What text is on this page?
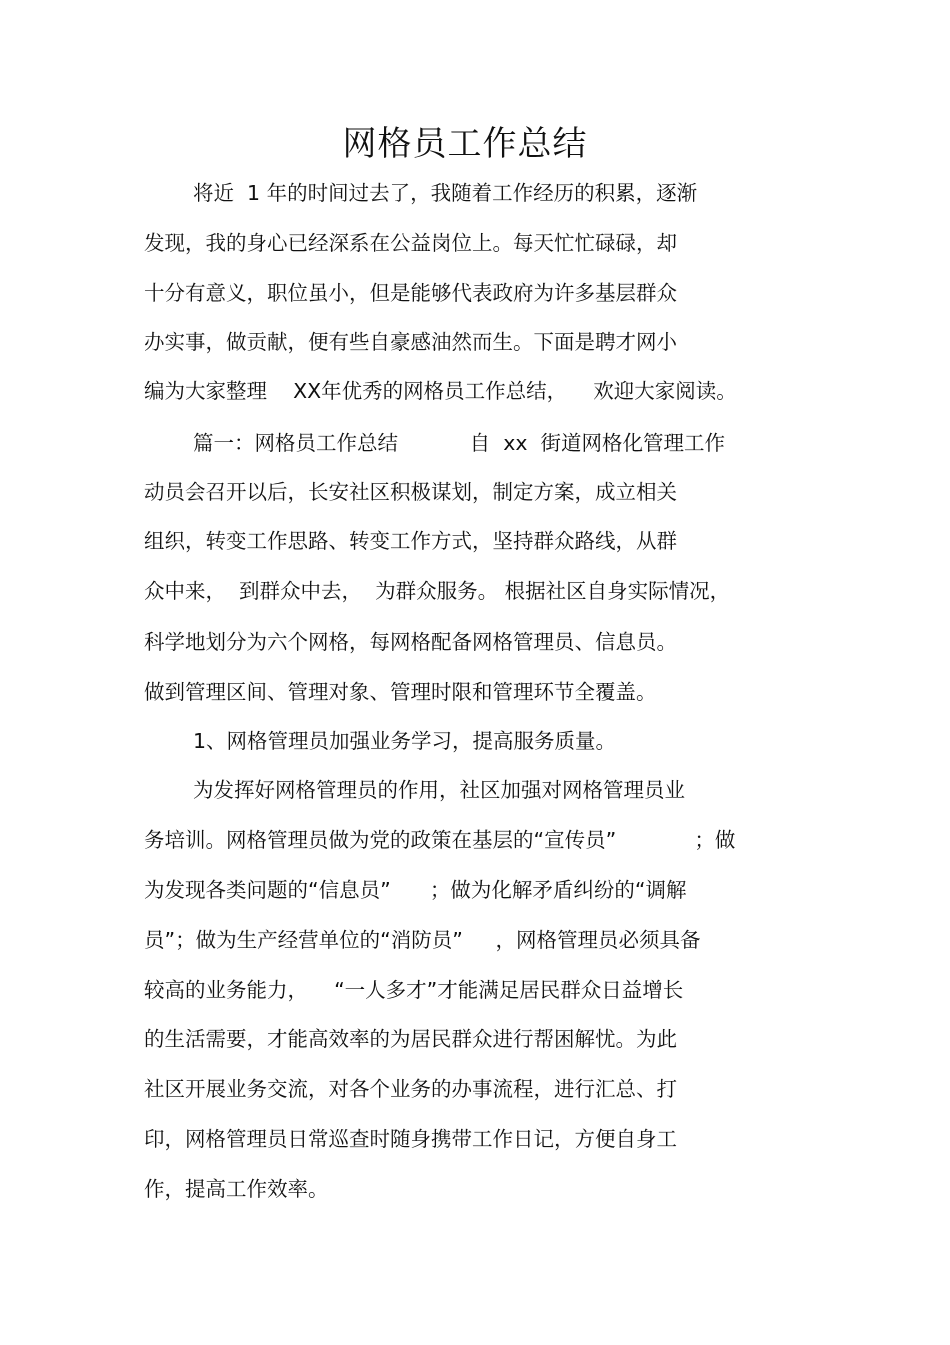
网格员工作总结
将近  1 年的时间过去了，我随着工作经历的积累，逐渐
发现，我的身心已经深系在公益岗位上。每天忙忙碌碌，却
十分有意义，职位虽小，但是能够代表政府为许多基层群众
办实事，做贡献，便有些自豪感油然而生。下面是聘才网小
编为大家整理    XX年优秀的网格员工作总结，    欢迎大家阅读。
篇一：网格员工作总结           自  xx  街道网格化管理工作
动员会召开以后，长安社区积极谋划，制定方案，成立相关
组织，转变工作思路、转变工作方式，坚持群众路线，从群
众中来，  到群众中去，  为群众服务。 根据社区自身实际情况，
科学地划分为六个网格，每网格配备网格管理员、信息员。
做到管理区间、管理对象、管理时限和管理环节全覆盖。
1、网格管理员加强业务学习，提高服务质量。
为发挥好网格管理员的作用，社区加强对网格管理员业
务培训。网格管理员做为党的政策在基层的“宣传员”            ；做
为发现各类问题的“信息员”      ；做为化解矛盾纠纷的“调解
员”；做为生产经营单位的“消防员”     ，网格管理员必须具备
较高的业务能力，    “一人多才”才能满足居民群众日益增长
的生活需要，才能高效率的为居民群众进行帮困解忧。为此
社区开展业务交流，对各个业务的办事流程，进行汇总、打
印，网格管理员日常巡查时随身携带工作日记，方便自身工
作，提高工作效率。
